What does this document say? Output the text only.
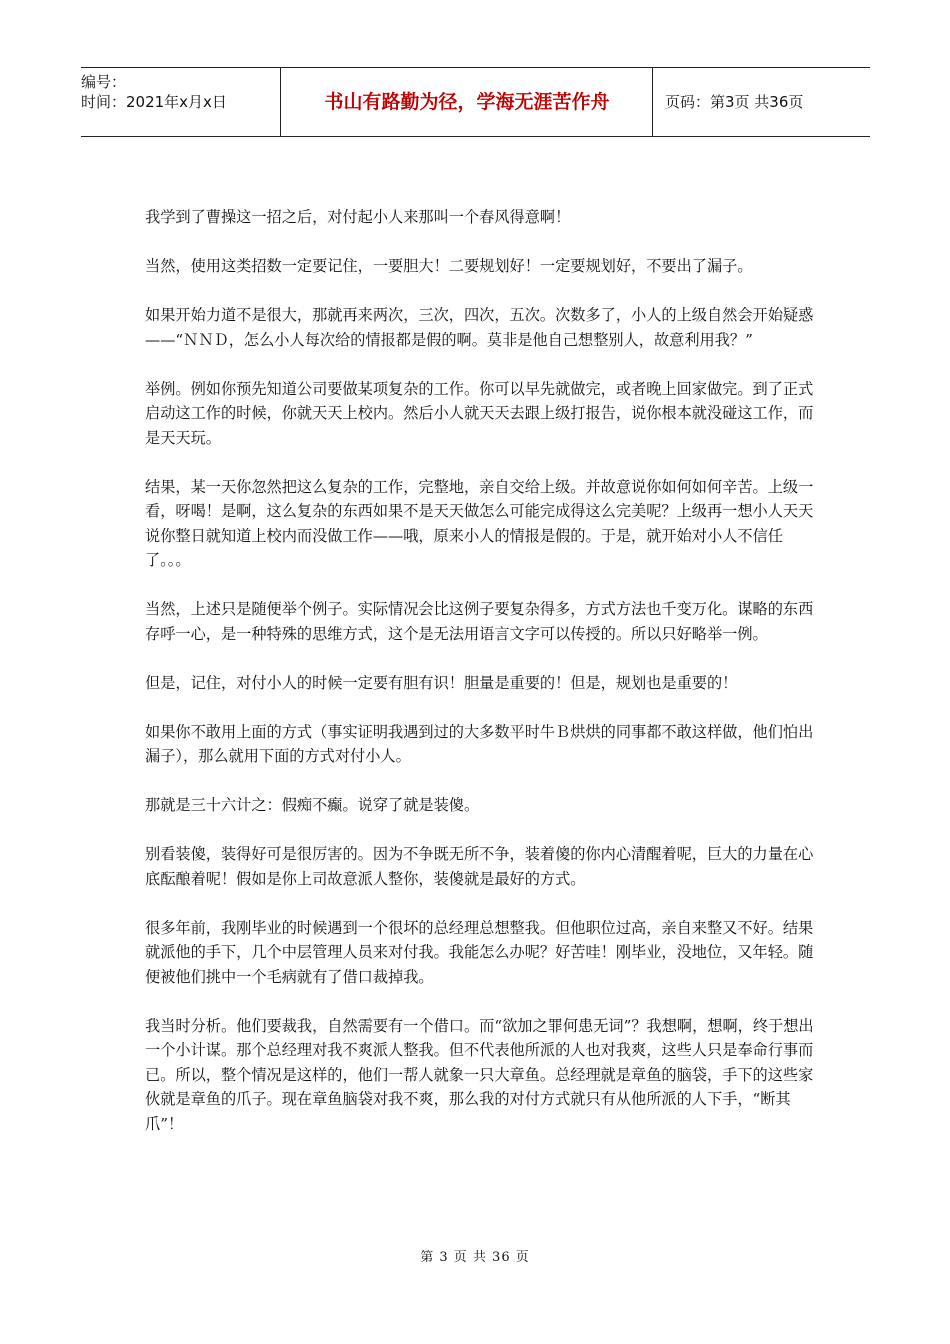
编号：
时间：2021年x月x日	书山有路勤为径，学海无涯苦作舟	页码：第3页 共36页

我学到了曹操这一招之后，对付起小人来那叫一个春风得意啊！

当然，使用这类招数一定要记住，一要胆大！二要规划好！一定要规划好，不要出了漏子。

如果开始力道不是很大，那就再来两次，三次，四次，五次。次数多了，小人的上级自然会开始疑惑——“ＮＮＤ，怎么小人每次给的情报都是假的啊。莫非是他自己想整别人，故意利用我？”

举例。例如你预先知道公司要做某项复杂的工作。你可以早先就做完，或者晚上回家做完。到了正式启动这工作的时候，你就天天上校内。然后小人就天天去跟上级打报告，说你根本就没碰这工作，而是天天玩。

结果，某一天你忽然把这么复杂的工作，完整地，亲自交给上级。并故意说你如何如何辛苦。上级一看，呀喝！是啊，这么复杂的东西如果不是天天做怎么可能完成得这么完美呢？上级再一想小人天天说你整日就知道上校内而没做工作——哦，原来小人的情报是假的。于是，就开始对小人不信任了。。。

当然，上述只是随便举个例子。实际情况会比这例子要复杂得多，方式方法也千变万化。谋略的东西存呼一心，是一种特殊的思维方式，这个是无法用语言文字可以传授的。所以只好略举一例。

但是，记住，对付小人的时候一定要有胆有识！胆量是重要的！但是，规划也是重要的！

如果你不敢用上面的方式（事实证明我遇到过的大多数平时牛Ｂ烘烘的同事都不敢这样做，他们怕出漏子），那么就用下面的方式对付小人。

那就是三十六计之：假痴不癫。说穿了就是装傻。

别看装傻，装得好可是很厉害的。因为不争既无所不争，装着傻的你内心清醒着呢，巨大的力量在心底酝酿着呢！假如是你上司故意派人整你，装傻就是最好的方式。

很多年前，我刚毕业的时候遇到一个很坏的总经理总想整我。但他职位过高，亲自来整又不好。结果就派他的手下，几个中层管理人员来对付我。我能怎么办呢？好苦哇！刚毕业，没地位，又年轻。随便被他们挑中一个毛病就有了借口裁掉我。

我当时分析。他们要裁我，自然需要有一个借口。而“欲加之罪何患无词”？我想啊，想啊，终于想出一个小计谋。那个总经理对我不爽派人整我。但不代表他所派的人也对我爽，这些人只是奉命行事而已。所以，整个情况是这样的，他们一帮人就象一只大章鱼。总经理就是章鱼的脑袋，手下的这些家伙就是章鱼的爪子。现在章鱼脑袋对我不爽，那么我的对付方式就只有从他所派的人下手，“断其爪”！

第 3 页 共 36 页
